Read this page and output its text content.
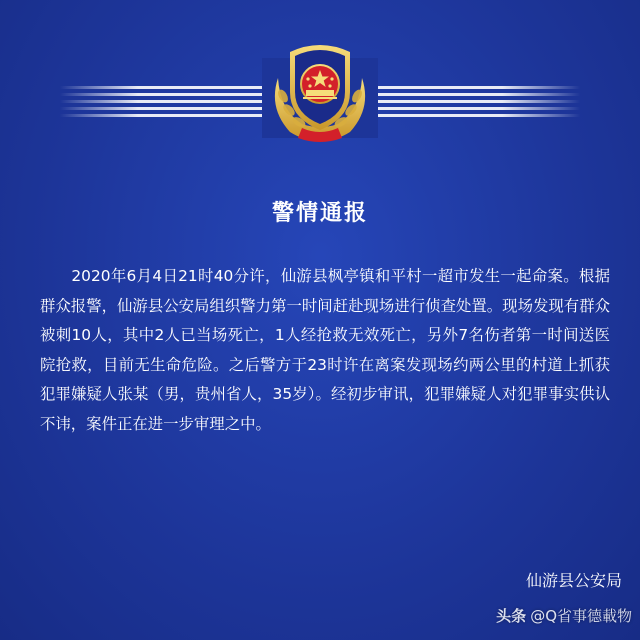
警情通报
　　2020年6月4日21时40分许，仙游县枫亭镇和平村一超市发生一起命案。根据群众报警，仙游县公安局组织警力第一时间赶赴现场进行侦查处置。现场发现有群众被刺10人，其中2人已当场死亡，1人经抢救无效死亡，另外7名伤者第一时间送医院抢救，目前无生命危险。之后警方于23时许在离案发现场约两公里的村道上抓获犯罪嫌疑人张某（男，贵州省人，35岁）。经初步审讯，犯罪嫌疑人对犯罪事实供认不讳，案件正在进一步审理之中。
仙游县公安局
头条 @Q省事德載物
